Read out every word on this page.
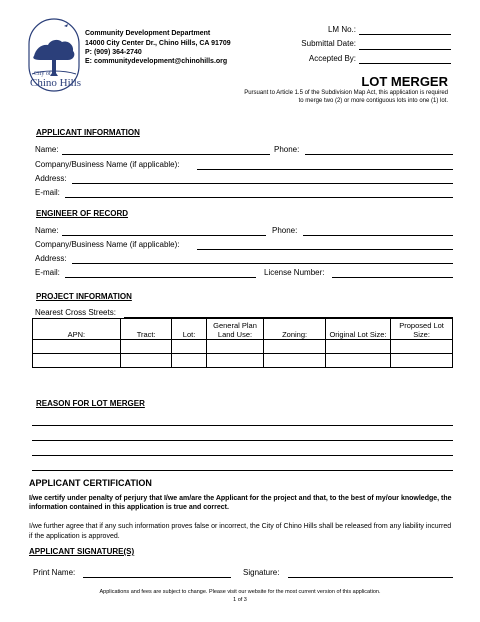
City of
Chino Hills
Community Development Department
14000 City Center Dr., Chino Hills, CA 91709
P: (909) 364-2740
E: communitydevelopment@chinohills.org
LM No.:
Submittal Date:
Accepted By:
LOT MERGER
Pursuant to Article 1.5 of the Subdivision Map Act, this application is required
to merge two (2) or more contiguous lots into one (1) lot.
APPLICANT INFORMATION
Name:	Phone:
Company/Business Name (if applicable):
Address:
E-mail:
ENGINEER OF RECORD
Name:	Phone:
Company/Business Name (if applicable):
Address:
E-mail:	License Number:
PROJECT INFORMATION
Nearest Cross Streets:
APN:	Tract:	Lot:	General Plan Land Use:	Zoning:	Original Lot Size:	Proposed Lot Size:

REASON FOR LOT MERGER
APPLICANT CERTIFICATION
I/we certify under penalty of perjury that I/we am/are the Applicant for the project and that, to the best of my/our knowledge, the information contained in this application is true and correct.
I/we further agree that if any such information proves false or incorrect, the City of Chino Hills shall be released from any liability incurred if the application is approved.
APPLICANT SIGNATURE(S)
Print Name:	Signature:
Applications and fees are subject to change. Please visit our website for the most current version of this application.
1 of 3
